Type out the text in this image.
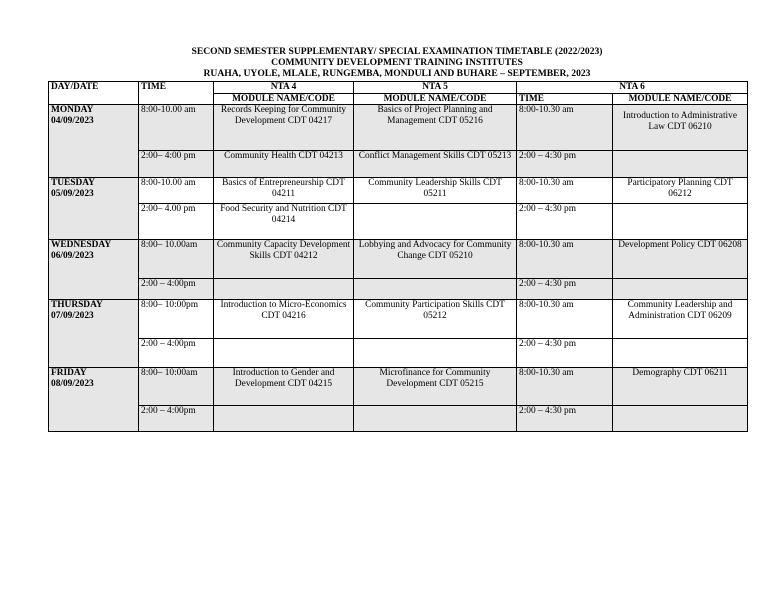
SECOND SEMESTER SUPPLEMENTARY/ SPECIAL EXAMINATION TIMETABLE (2022/2023)
COMMUNITY DEVELOPMENT TRAINING INSTITUTES
RUAHA, UYOLE, MLALE, RUNGEMBA, MONDULI AND BUHARE – SEPTEMBER, 2023
DAY/DATE	TIME	NTA 4	NTA 5	NTA 6	
		MODULE NAME/CODE	MODULE NAME/CODE	TIME	MODULE NAME/CODE

MONDAY
04/09/2023	8:00-10.00 am	Records Keeping for Community Development CDT 04217	Basics of Project Planning and Management CDT 05216	8:00-10.30 am	Introduction to Administrative Law CDT 06210

	2:00– 4:00 pm	Community Health CDT 04213	Conflict Management Skills CDT 05213	2:00 – 4:30 pm	

TUESDAY
05/09/2023	8:00-10.00 am	Basics of Entrepreneurship CDT 04211	Community Leadership Skills CDT 05211	8:00-10.30 am	Participatory Planning CDT 06212
	2:00– 4.00 pm	Food Security and Nutrition CDT 04214		2:00 – 4:30 pm	

WEDNESDAY
06/09/2023	8:00– 10.00am	Community Capacity Development Skills CDT 04212	Lobbying and Advocacy for Community Change CDT 05210	8:00-10.30 am	Development Policy CDT 06208
	2:00 – 4:00pm			2:00 – 4:30 pm	

THURSDAY
07/09/2023	8:00– 10:00pm	Introduction to Micro-Economics CDT 04216	Community Participation Skills CDT 05212	8:00-10.30 am	Community Leadership and Administration CDT 06209
	2:00 – 4:00pm			2:00 – 4:30 pm	

FRIDAY
08/09/2023	8:00– 10:00am	Introduction to Gender and Development CDT 04215	Microfinance for Community Development CDT 05215	8:00-10.30 am	Demography CDT 06211
	2:00 – 4:00pm			2:00 – 4:30 pm	
